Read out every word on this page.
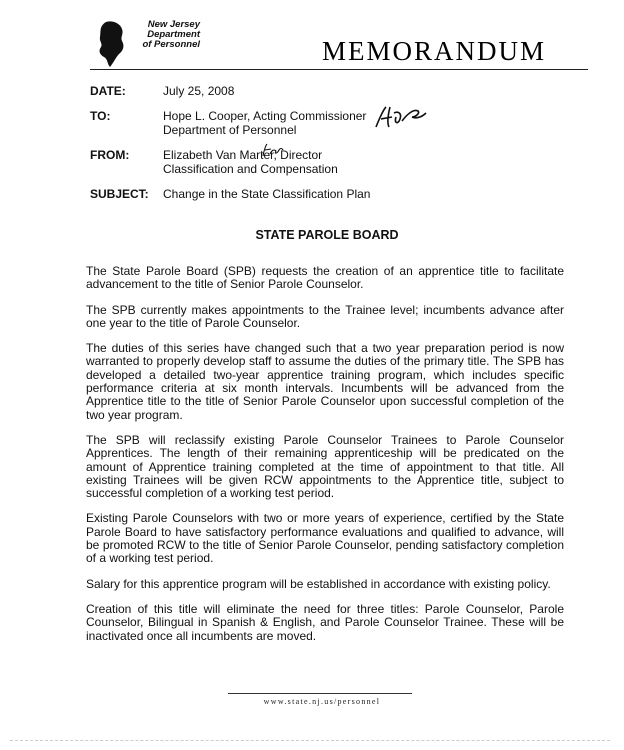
New Jersey
Department
of Personnel	MEMORANDUM
DATE:	July 25, 2008
TO:	Hope L. Cooper, Acting Commissioner
Department of Personnel
FROM:	Elizabeth Van Marter, Director
Classification and Compensation
SUBJECT:	Change in the State Classification Plan
STATE PAROLE BOARD

The State Parole Board (SPB) requests the creation of an apprentice title to facilitate advancement to the title of Senior Parole Counselor.

The SPB currently makes appointments to the Trainee level; incumbents advance after one year to the title of Parole Counselor.

The duties of this series have changed such that a two year preparation period is now warranted to properly develop staff to assume the duties of the primary title. The SPB has developed a detailed two-year apprentice training program, which includes specific performance criteria at six month intervals. Incumbents will be advanced from the Apprentice title to the title of Senior Parole Counselor upon successful completion of the two year program.

The SPB will reclassify existing Parole Counselor Trainees to Parole Counselor Apprentices. The length of their remaining apprenticeship will be predicated on the amount of Apprentice training completed at the time of appointment to that title. All existing Trainees will be given RCW appointments to the Apprentice title, subject to successful completion of a working test period.

Existing Parole Counselors with two or more years of experience, certified by the State Parole Board to have satisfactory performance evaluations and qualified to advance, will be promoted RCW to the title of Senior Parole Counselor, pending satisfactory completion of a working test period.

Salary for this apprentice program will be established in accordance with existing policy.

Creation of this title will eliminate the need for three titles: Parole Counselor, Parole Counselor, Bilingual in Spanish & English, and Parole Counselor Trainee. These will be inactivated once all incumbents are moved.

www.state.nj.us/personnel
